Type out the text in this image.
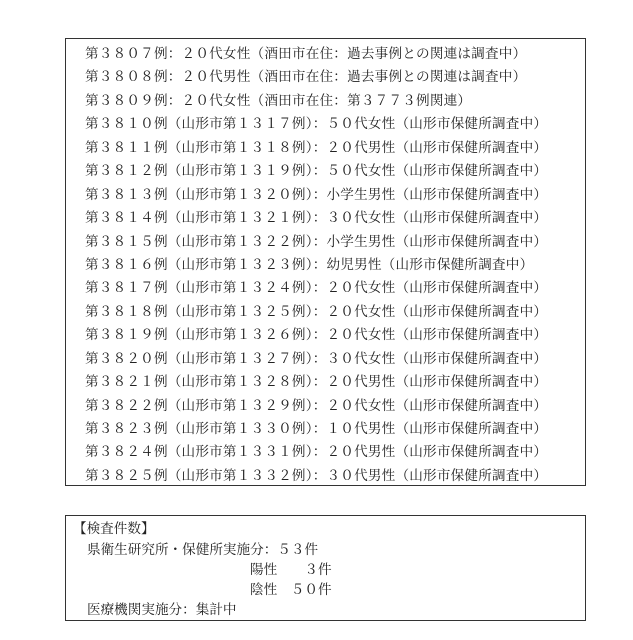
第３８０７例：２０代女性（酒田市在住：過去事例との関連は調査中）
第３８０８例：２０代男性（酒田市在住：過去事例との関連は調査中）
第３８０９例：２０代女性（酒田市在住：第３７７３例関連）
第３８１０例（山形市第１３１７例）：５０代女性（山形市保健所調査中）
第３８１１例（山形市第１３１８例）：２０代男性（山形市保健所調査中）
第３８１２例（山形市第１３１９例）：５０代女性（山形市保健所調査中）
第３８１３例（山形市第１３２０例）：小学生男性（山形市保健所調査中）
第３８１４例（山形市第１３２１例）：３０代女性（山形市保健所調査中）
第３８１５例（山形市第１３２２例）：小学生男性（山形市保健所調査中）
第３８１６例（山形市第１３２３例）：幼児男性（山形市保健所調査中）
第３８１７例（山形市第１３２４例）：２０代女性（山形市保健所調査中）
第３８１８例（山形市第１３２５例）：２０代女性（山形市保健所調査中）
第３８１９例（山形市第１３２６例）：２０代女性（山形市保健所調査中）
第３８２０例（山形市第１３２７例）：３０代女性（山形市保健所調査中）
第３８２１例（山形市第１３２８例）：２０代男性（山形市保健所調査中）
第３８２２例（山形市第１３２９例）：２０代女性（山形市保健所調査中）
第３８２３例（山形市第１３３０例）：１０代男性（山形市保健所調査中）
第３８２４例（山形市第１３３１例）：２０代男性（山形市保健所調査中）
第３８２５例（山形市第１３３２例）：３０代男性（山形市保健所調査中）
【検査件数】
県衛生研究所・保健所実施分：５３件
陽性　　３件
陰性　５０件
医療機関実施分：集計中
